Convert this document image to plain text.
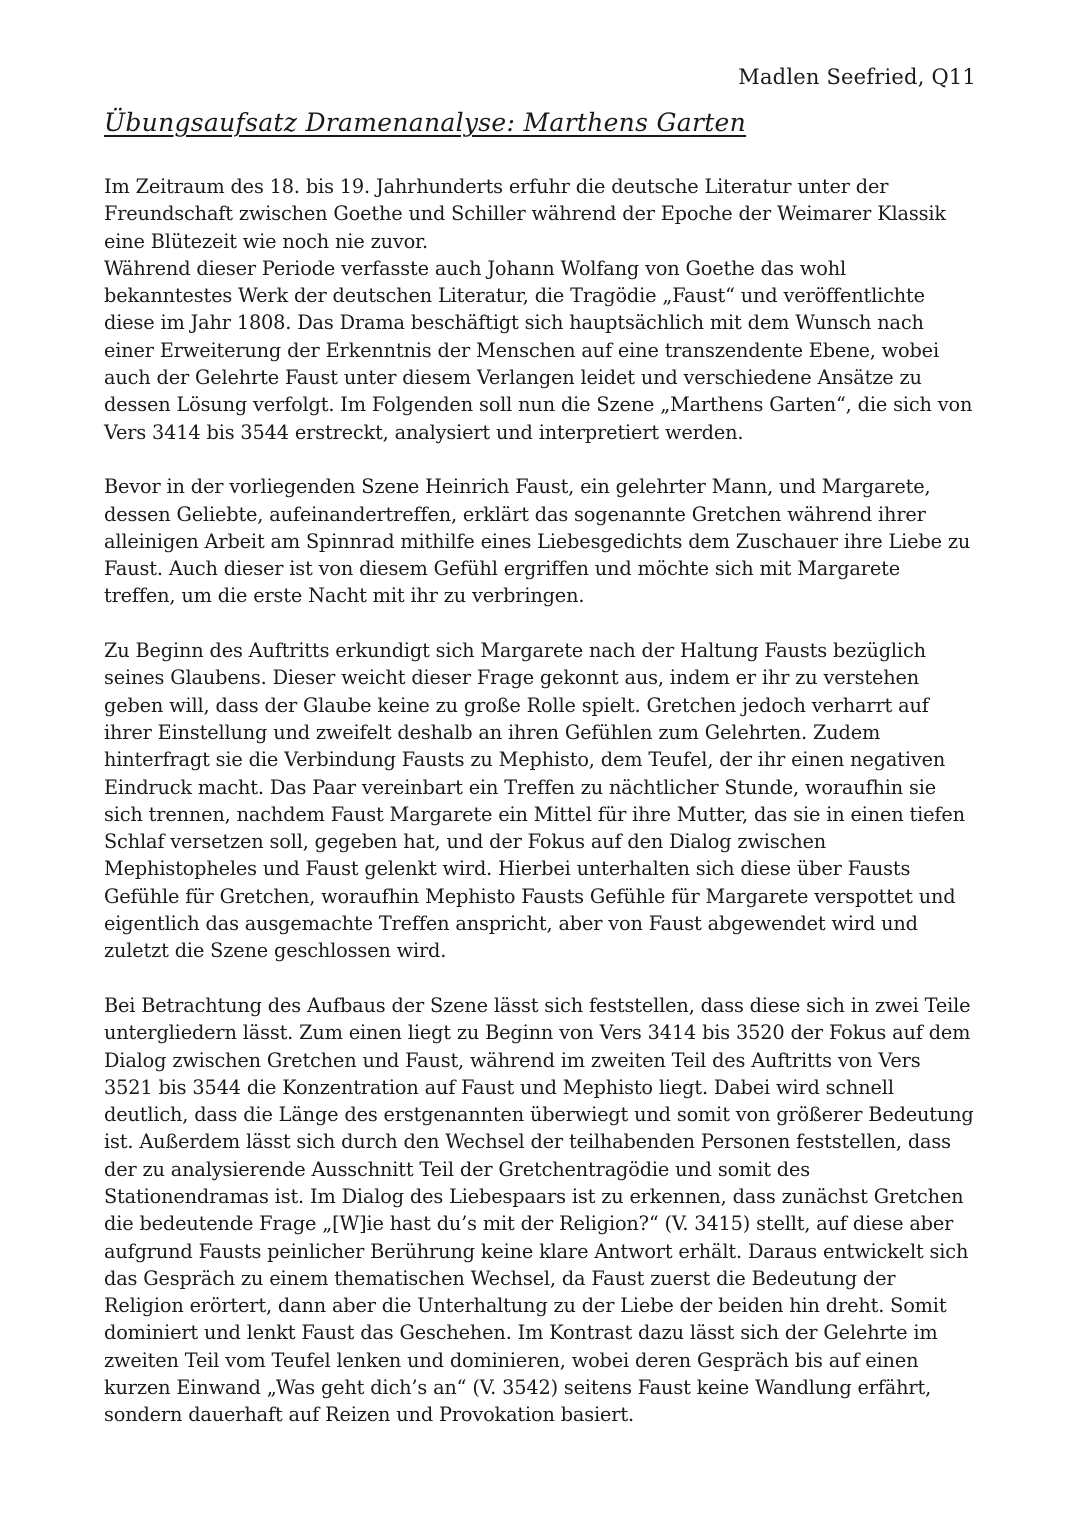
Madlen Seefried, Q11
Übungsaufsatz Dramenanalyse: Marthens Garten

Im Zeitraum des 18. bis 19. Jahrhunderts erfuhr die deutsche Literatur unter der Freundschaft zwischen Goethe und Schiller während der Epoche der Weimarer Klassik eine Blütezeit wie noch nie zuvor.

Während dieser Periode verfasste auch Johann Wolfang von Goethe das wohl bekanntestes Werk der deutschen Literatur, die Tragödie „Faust“ und veröffentlichte diese im Jahr 1808. Das Drama beschäftigt sich hauptsächlich mit dem Wunsch nach einer Erweiterung der Erkenntnis der Menschen auf eine transzendente Ebene, wobei auch der Gelehrte Faust unter diesem Verlangen leidet und verschiedene Ansätze zu dessen Lösung verfolgt. Im Folgenden soll nun die Szene „Marthens Garten“, die sich von Vers 3414 bis 3544 erstreckt, analysiert und interpretiert werden.

Bevor in der vorliegenden Szene Heinrich Faust, ein gelehrter Mann, und Margarete, dessen Geliebte, aufeinandertreffen, erklärt das sogenannte Gretchen während ihrer alleinigen Arbeit am Spinnrad mithilfe eines Liebesgedichts dem Zuschauer ihre Liebe zu Faust. Auch dieser ist von diesem Gefühl ergriffen und möchte sich mit Margarete treffen, um die erste Nacht mit ihr zu verbringen.

Zu Beginn des Auftritts erkundigt sich Margarete nach der Haltung Fausts bezüglich seines Glaubens. Dieser weicht dieser Frage gekonnt aus, indem er ihr zu verstehen geben will, dass der Glaube keine zu große Rolle spielt. Gretchen jedoch verharrt auf ihrer Einstellung und zweifelt deshalb an ihren Gefühlen zum Gelehrten. Zudem hinterfragt sie die Verbindung Fausts zu Mephisto, dem Teufel, der ihr einen negativen Eindruck macht. Das Paar vereinbart ein Treffen zu nächtlicher Stunde, woraufhin sie sich trennen, nachdem Faust Margarete ein Mittel für ihre Mutter, das sie in einen tiefen Schlaf versetzen soll, gegeben hat, und der Fokus auf den Dialog zwischen Mephistopheles und Faust gelenkt wird. Hierbei unterhalten sich diese über Fausts Gefühle für Gretchen, woraufhin Mephisto Fausts Gefühle für Margarete verspottet und eigentlich das ausgemachte Treffen anspricht, aber von Faust abgewendet wird und zuletzt die Szene geschlossen wird.

Bei Betrachtung des Aufbaus der Szene lässt sich feststellen, dass diese sich in zwei Teile untergliedern lässt. Zum einen liegt zu Beginn von Vers 3414 bis 3520 der Fokus auf dem Dialog zwischen Gretchen und Faust, während im zweiten Teil des Auftritts von Vers 3521 bis 3544 die Konzentration auf Faust und Mephisto liegt. Dabei wird schnell deutlich, dass die Länge des erstgenannten überwiegt und somit von größerer Bedeutung ist. Außerdem lässt sich durch den Wechsel der teilhabenden Personen feststellen, dass der zu analysierende Ausschnitt Teil der Gretchentragödie und somit des Stationendramas ist. Im Dialog des Liebespaars ist zu erkennen, dass zunächst Gretchen die bedeutende Frage „[W]ie hast du’s mit der Religion?“ (V. 3415) stellt, auf diese aber aufgrund Fausts peinlicher Berührung keine klare Antwort erhält. Daraus entwickelt sich das Gespräch zu einem thematischen Wechsel, da Faust zuerst die Bedeutung der Religion erörtert, dann aber die Unterhaltung zu der Liebe der beiden hin dreht. Somit dominiert und lenkt Faust das Geschehen. Im Kontrast dazu lässt sich der Gelehrte im zweiten Teil vom Teufel lenken und dominieren, wobei deren Gespräch bis auf einen kurzen Einwand „Was geht dich’s an“ (V. 3542) seitens Faust keine Wandlung erfährt, sondern dauerhaft auf Reizen und Provokation basiert.
